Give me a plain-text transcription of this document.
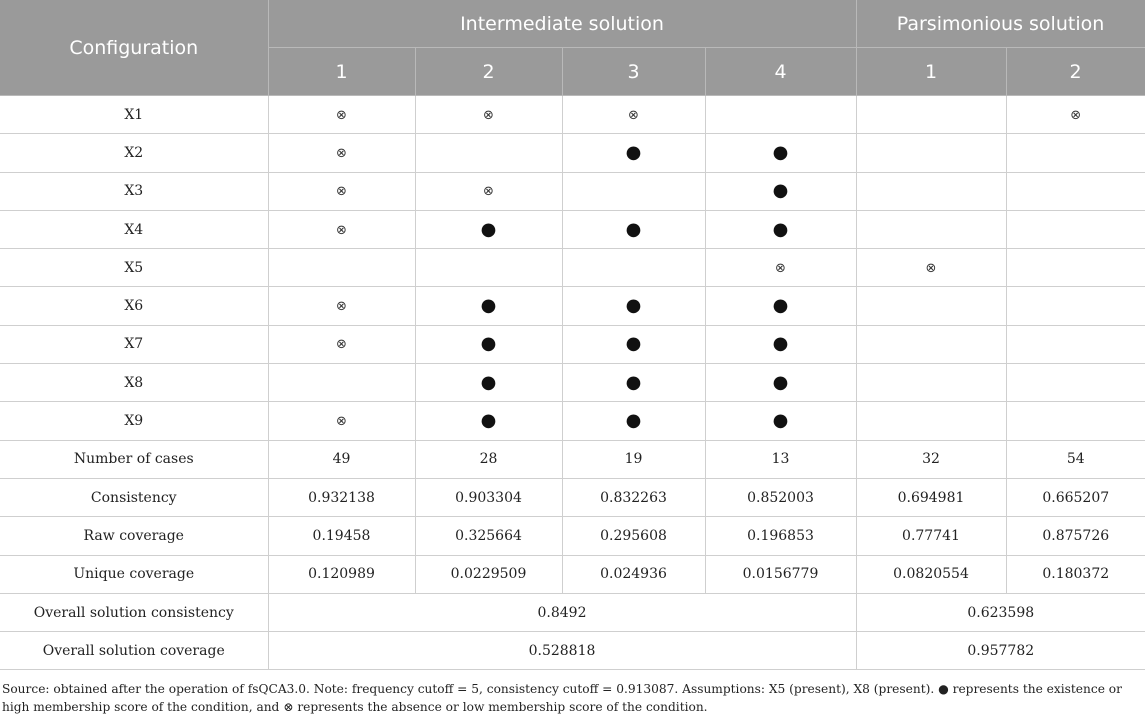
Configuration	Intermediate solution				Parsimonious solution	
	1	2	3	4	1	2
X1	⊗	⊗	⊗			⊗
X2	⊗		●	●		
X3	⊗	⊗		●		
X4	⊗	●	●	●		
X5				⊗	⊗	
X6	⊗	●	●	●		
X7	⊗	●	●	●		
X8		●	●	●		
X9	⊗	●	●	●		
Number of cases	49	28	19	13	32	54
Consistency	0.932138	0.903304	0.832263	0.852003	0.694981	0.665207
Raw coverage	0.19458	0.325664	0.295608	0.196853	0.77741	0.875726
Unique coverage	0.120989	0.0229509	0.024936	0.0156779	0.0820554	0.180372
Overall solution consistency	0.8492				0.623598	
Overall solution coverage	0.528818				0.957782	
Source: obtained after the operation of fsQCA3.0. Note: frequency cutoff = 5, consistency cutoff = 0.913087. Assumptions: X5 (present), X8 (present). ● represents the existence or high membership score of the condition, and ⊗ represents the absence or low membership score of the condition.
